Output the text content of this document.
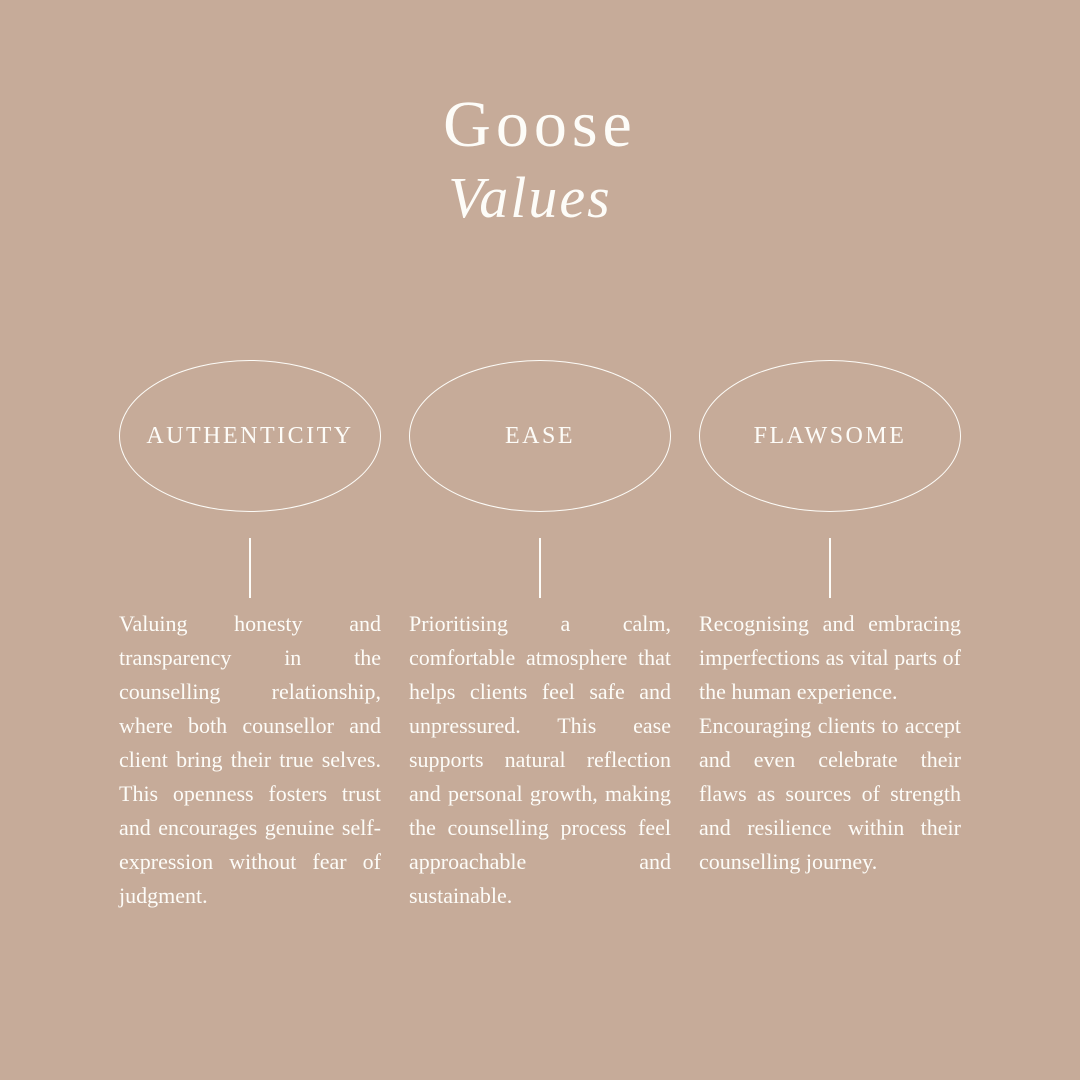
Goose
Values
AUTHENTICITY

Valuing honesty and transparency in the counselling relationship, where both counsellor and client bring their true selves. This openness fosters trust and encourages genuine self-expression without fear of judgment.

EASE

Prioritising a calm, comfortable atmosphere that helps clients feel safe and unpressured. This ease supports natural reflection and personal growth, making the counselling process feel approachable and sustainable.

FLAWSOME

Recognising and embracing imperfections as vital parts of the human experience.

Encouraging clients to accept and even celebrate their flaws as sources of strength and resilience within their counselling journey.
